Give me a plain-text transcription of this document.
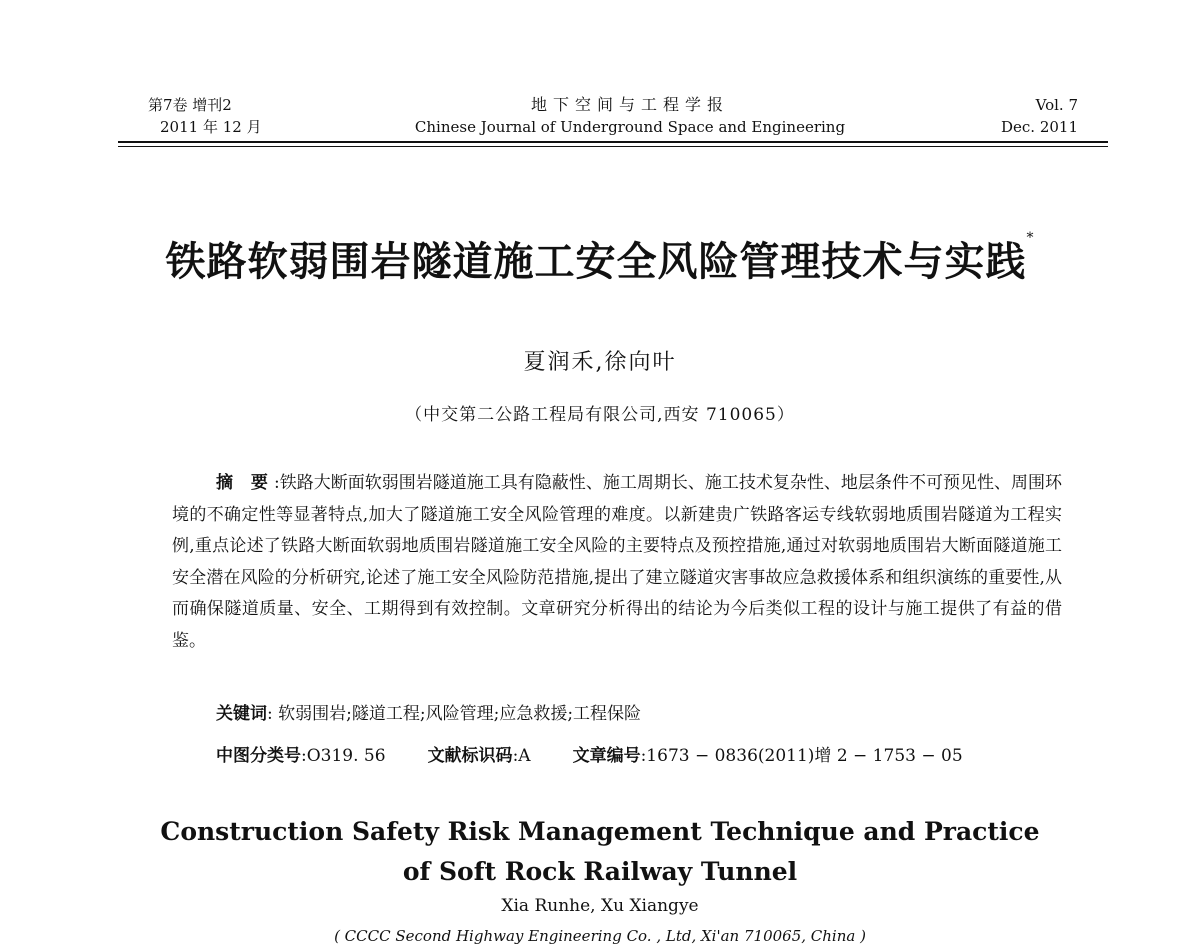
第7卷 增刊2
2011 年 12 月
地下空间与工程学报
Chinese Journal of Underground Space and Engineering
Vol. 7
Dec. 2011
铁路软弱围岩隧道施工安全风险管理技术与实践*
夏润禾,徐向叶
（中交第二公路工程局有限公司,西安 710065）
摘 要:铁路大断面软弱围岩隧道施工具有隐蔽性、施工周期长、施工技术复杂性、地层条件不可预见性、周围环境的不确定性等显著特点,加大了隧道施工安全风险管理的难度。以新建贵广铁路客运专线软弱地质围岩隧道为工程实例,重点论述了铁路大断面软弱地质围岩隧道施工安全风险的主要特点及预控措施,通过对软弱地质围岩大断面隧道施工安全潜在风险的分析研究,论述了施工安全风险防范措施,提出了建立隧道灾害事故应急救援体系和组织演练的重要性,从而确保隧道质量、安全、工期得到有效控制。文章研究分析得出的结论为今后类似工程的设计与施工提供了有益的借鉴。
关键词: 软弱围岩;隧道工程;风险管理;应急救援;工程保险
中图分类号:O319. 56 文献标识码:A 文章编号:1673 − 0836(2011)增 2 − 1753 − 05
Construction Safety Risk Management Technique and Practice
of Soft Rock Railway Tunnel
Xia Runhe, Xu Xiangye
( CCCC Second Highway Engineering Co. , Ltd, Xi'an 710065, China )
